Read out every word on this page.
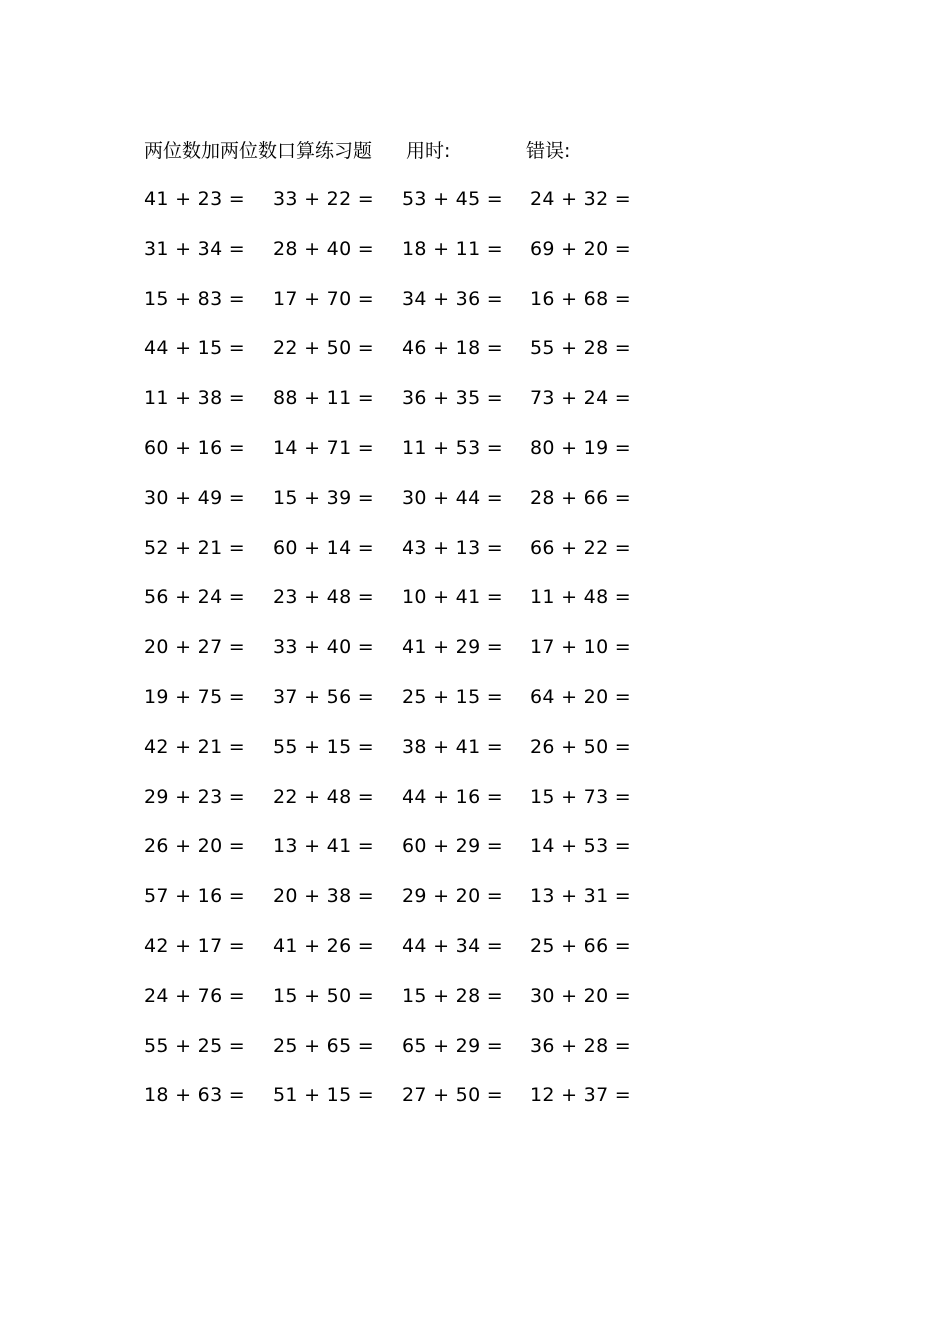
两位数加两位数口算练习题 用时:	错误:
41 + 23 = 33 + 22 = 53 + 45 = 24 + 32 =
31 + 34 = 28 + 40 = 18 + 11 = 69 + 20 =
15 + 83 = 17 + 70 = 34 + 36 = 16 + 68 =
44 + 15 = 22 + 50 = 46 + 18 = 55 + 28 =
11 + 38 = 88 + 11 = 36 + 35 = 73 + 24 =
60 + 16 = 14 + 71 = 11 + 53 = 80 + 19 =
30 + 49 = 15 + 39 = 30 + 44 = 28 + 66 =
52 + 21 = 60 + 14 = 43 + 13 = 66 + 22 =
56 + 24 = 23 + 48 = 10 + 41 = 11 + 48 =
20 + 27 = 33 + 40 = 41 + 29 = 17 + 10 =
19 + 75 = 37 + 56 = 25 + 15 = 64 + 20 =
42 + 21 = 55 + 15 = 38 + 41 = 26 + 50 =
29 + 23 = 22 + 48 = 44 + 16 = 15 + 73 =
26 + 20 = 13 + 41 = 60 + 29 = 14 + 53 =
57 + 16 = 20 + 38 = 29 + 20 = 13 + 31 =
42 + 17 = 41 + 26 = 44 + 34 = 25 + 66 =
24 + 76 = 15 + 50 = 15 + 28 = 30 + 20 =
55 + 25 = 25 + 65 = 65 + 29 = 36 + 28 =
18 + 63 = 51 + 15 = 27 + 50 = 12 + 37 =
